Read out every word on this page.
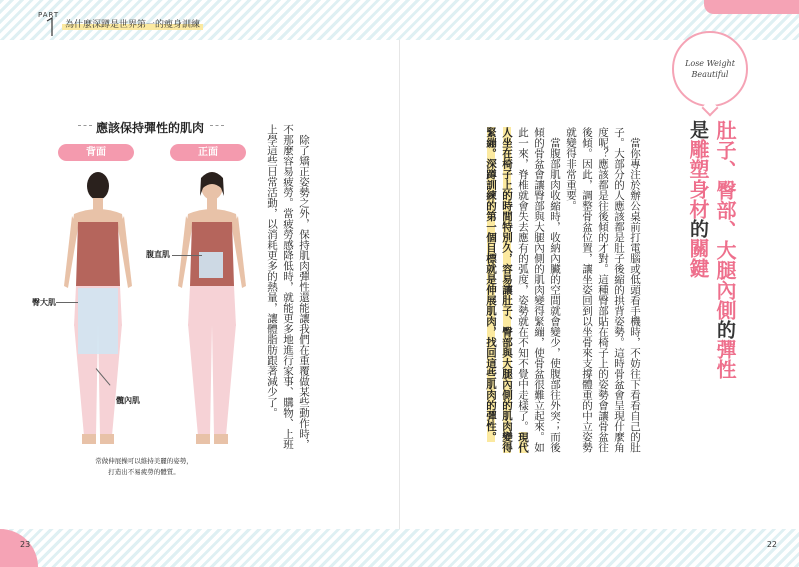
PART
為什麼深蹲是世界第一的瘦身訓練
23	22
應該保持彈性的肌肉
背面	正面
臀大肌
腹直肌
髖內肌
常做伸展操可以維持美麗的姿勢，
打造出不易疲勞的體質。
　除了矯正姿勢之外，保持肌肉彈性還能讓我們在重覆做某些動作時，不那麼容易疲勞。當疲勞感降低時，就能更多地進行家事、購物、上班上學這些日常活動，以消耗更多的熱量，讓體脂肪跟著減少了。	　當你專注於辦公桌前打電腦或低頭看手機時，不妨往下看看自己的肚子。大部分的人應該都是肚子後縮的拱背姿勢。這時骨盆會呈現什麼角度呢？應該都是往後傾的才對。這種臀部貼在椅子上的姿勢會讓骨盆往後傾。因此，調整骨盆位置，讓坐姿回到以坐骨來支撐體重的中立姿勢就變得非常重要。
　當腹部肌肉收縮時，收納內臟的空間就會變少，使腹部往外突；而後傾的骨盆會讓臀部與大腿內側的肌肉變得緊繃，使骨盆很難立起來。如此一來，脊椎就會失去應有的弧度，姿勢就在不知不覺中走樣了。現代人坐在椅子上的時間特別久，容易讓肚子、臀部與大腿內側的肌肉變得緊繃。深蹲訓練的第一個目標就是伸展肌肉，找回這些肌肉的彈性。
Lose Weight
Beautiful
肚子、臀部、大腿內側的彈性
是雕塑身材的關鍵
